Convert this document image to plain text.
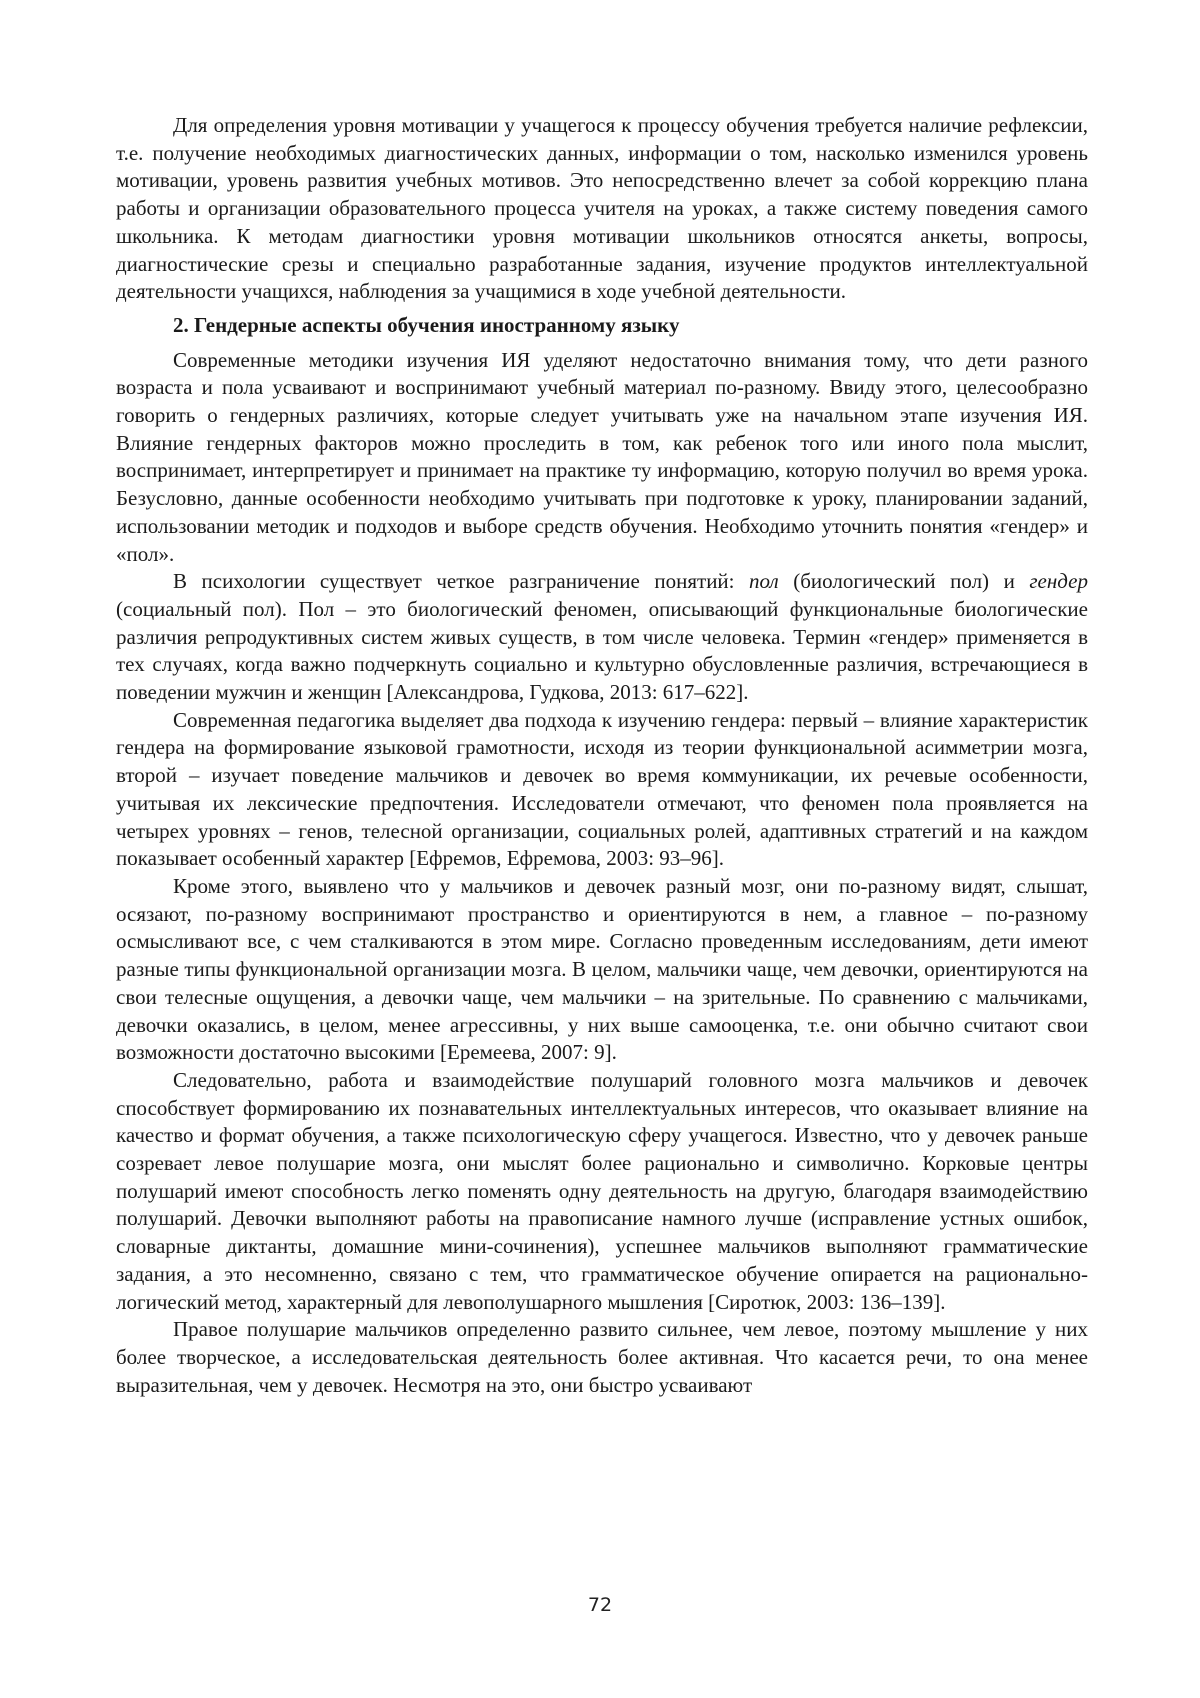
Для определения уровня мотивации у учащегося к процессу обучения требуется наличие рефлексии, т.е. получение необходимых диагностических данных, информации о том, насколько изменился уровень мотивации, уровень развития учебных мотивов. Это непосредственно влечет за собой коррекцию плана работы и организации образовательного процесса учителя на уроках, а также систему поведения самого школьника. К методам диагностики уровня мотивации школьников относятся анкеты, вопросы, диагностические срезы и специально разработанные задания, изучение продуктов интеллектуальной деятельности учащихся, наблюдения за учащимися в ходе учебной деятельности.

2. Гендерные аспекты обучения иностранному языку

Современные методики изучения ИЯ уделяют недостаточно внимания тому, что дети разного возраста и пола усваивают и воспринимают учебный материал по-разному. Ввиду этого, целесообразно говорить о гендерных различиях, которые следует учитывать уже на начальном этапе изучения ИЯ. Влияние гендерных факторов можно проследить в том, как ребенок того или иного пола мыслит, воспринимает, интерпретирует и принимает на практике ту информацию, которую получил во время урока. Безусловно, данные особенности необходимо учитывать при подготовке к уроку, планировании заданий, использовании методик и подходов и выборе средств обучения. Необходимо уточнить понятия «гендер» и «пол».

В психологии существует четкое разграничение понятий: пол (биологический пол) и гендер (социальный пол). Пол – это биологический феномен, описывающий функциональные биологические различия репродуктивных систем живых существ, в том числе человека. Термин «гендер» применяется в тех случаях, когда важно подчеркнуть социально и культурно обусловленные различия, встречающиеся в поведении мужчин и женщин [Александрова, Гудкова, 2013: 617–622].

Современная педагогика выделяет два подхода к изучению гендера: первый – влияние характеристик гендера на формирование языковой грамотности, исходя из теории функциональной асимметрии мозга, второй – изучает поведение мальчиков и девочек во время коммуникации, их речевые особенности, учитывая их лексические предпочтения. Исследователи отмечают, что феномен пола проявляется на четырех уровнях – генов, телесной организации, социальных ролей, адаптивных стратегий и на каждом показывает особенный характер [Ефремов, Ефремова, 2003: 93–96].

Кроме этого, выявлено что у мальчиков и девочек разный мозг, они по-разному видят, слышат, осязают, по-разному воспринимают пространство и ориентируются в нем, а главное – по-разному осмысливают все, с чем сталкиваются в этом мире. Согласно проведенным исследованиям, дети имеют разные типы функциональной организации мозга. В целом, мальчики чаще, чем девочки, ориентируются на свои телесные ощущения, а девочки чаще, чем мальчики – на зрительные. По сравнению с мальчиками, девочки оказались, в целом, менее агрессивны, у них выше самооценка, т.е. они обычно считают свои возможности достаточно высокими [Еремеева, 2007: 9].

Следовательно, работа и взаимодействие полушарий головного мозга мальчиков и девочек способствует формированию их познавательных интеллектуальных интересов, что оказывает влияние на качество и формат обучения, а также психологическую сферу учащегося. Известно, что у девочек раньше созревает левое полушарие мозга, они мыслят более рационально и символично. Корковые центры полушарий имеют способность легко поменять одну деятельность на другую, благодаря взаимодействию полушарий. Девочки выполняют работы на правописание намного лучше (исправление устных ошибок, словарные диктанты, домашние мини-сочинения), успешнее мальчиков выполняют грамматические задания, а это несомненно, связано с тем, что грамматическое обучение опирается на рационально-логический метод, характерный для левополушарного мышления [Сиротюк, 2003: 136–139].

Правое полушарие мальчиков определенно развито сильнее, чем левое, поэтому мышление у них более творческое, а исследовательская деятельность более активная. Что касается речи, то она менее выразительная, чем у девочек. Несмотря на это, они быстро усваивают

72
